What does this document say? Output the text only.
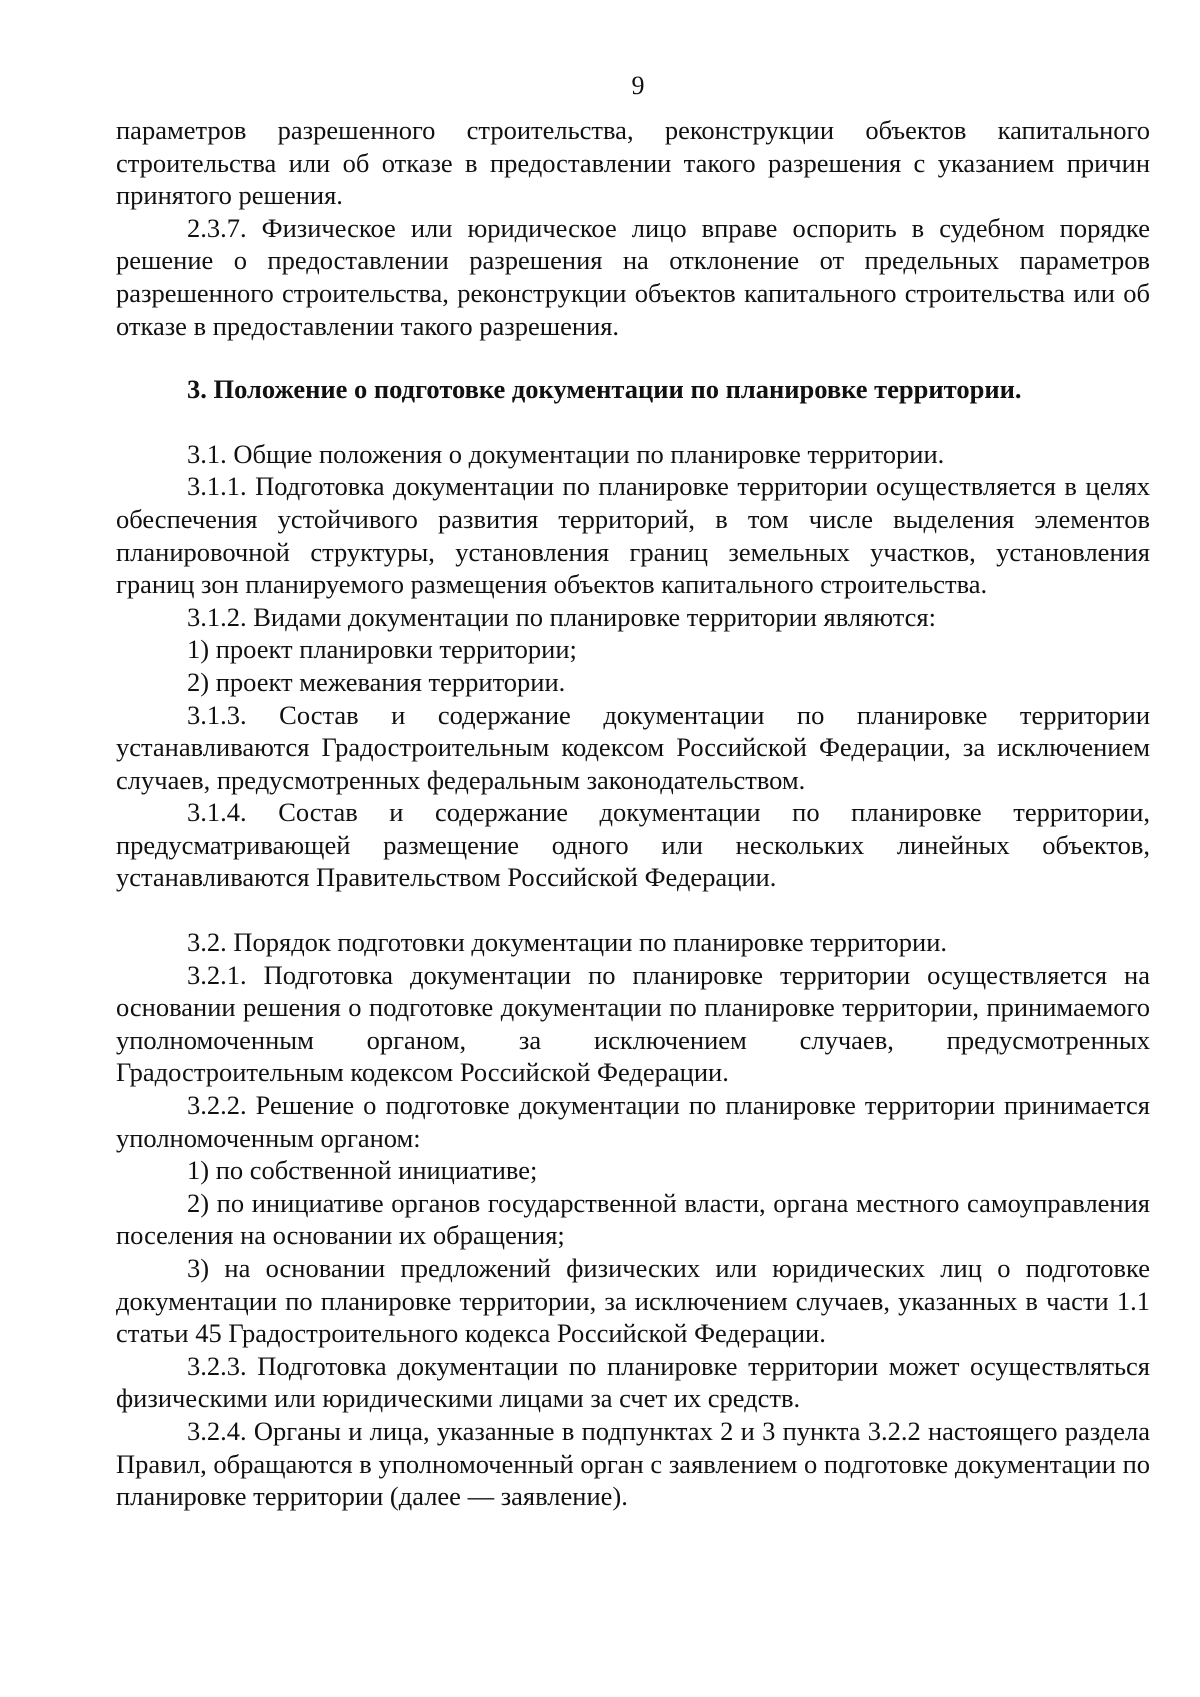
9

параметров разрешенного строительства, реконструкции объектов капитального строительства или об отказе в предоставлении такого разрешения с указанием причин принятого решения.

2.3.7. Физическое или юридическое лицо вправе оспорить в судебном порядке решение о предоставлении разрешения на отклонение от предельных параметров разрешенного строительства, реконструкции объектов капитального строительства или об отказе в предоставлении такого разрешения.

3. Положение о подготовке документации по планировке территории.

3.1. Общие положения о документации по планировке территории.

3.1.1. Подготовка документации по планировке территории осуществляется в целях обеспечения устойчивого развития территорий, в том числе выделения элементов планировочной структуры, установления границ земельных участков, установления границ зон планируемого размещения объектов капитального строительства.

3.1.2. Видами документации по планировке территории являются:

1) проект планировки территории;

2) проект межевания территории.

3.1.3. Состав и содержание документации по планировке территории устанавливаются Градостроительным кодексом Российской Федерации, за исключением случаев, предусмотренных федеральным законодательством.

3.1.4. Состав и содержание документации по планировке территории, предусматривающей размещение одного или нескольких линейных объектов, устанавливаются Правительством Российской Федерации.

3.2. Порядок подготовки документации по планировке территории.

3.2.1. Подготовка документации по планировке территории осуществляется на основании решения о подготовке документации по планировке территории, принимаемого уполномоченным органом, за исключением случаев, предусмотренных Градостроительным кодексом Российской Федерации.

3.2.2. Решение о подготовке документации по планировке территории принимается уполномоченным органом:

1) по собственной инициативе;

2) по инициативе органов государственной власти, органа местного самоуправления поселения на основании их обращения;

3) на основании предложений физических или юридических лиц о подготовке документации по планировке территории, за исключением случаев, указанных в части 1.1 статьи 45 Градостроительного кодекса Российской Федерации.

3.2.3. Подготовка документации по планировке территории может осуществляться физическими или юридическими лицами за счет их средств.

3.2.4. Органы и лица, указанные в подпунктах 2 и 3 пункта 3.2.2 настоящего раздела Правил, обращаются в уполномоченный орган с заявлением о подготовке документации по планировке территории (далее — заявление).
